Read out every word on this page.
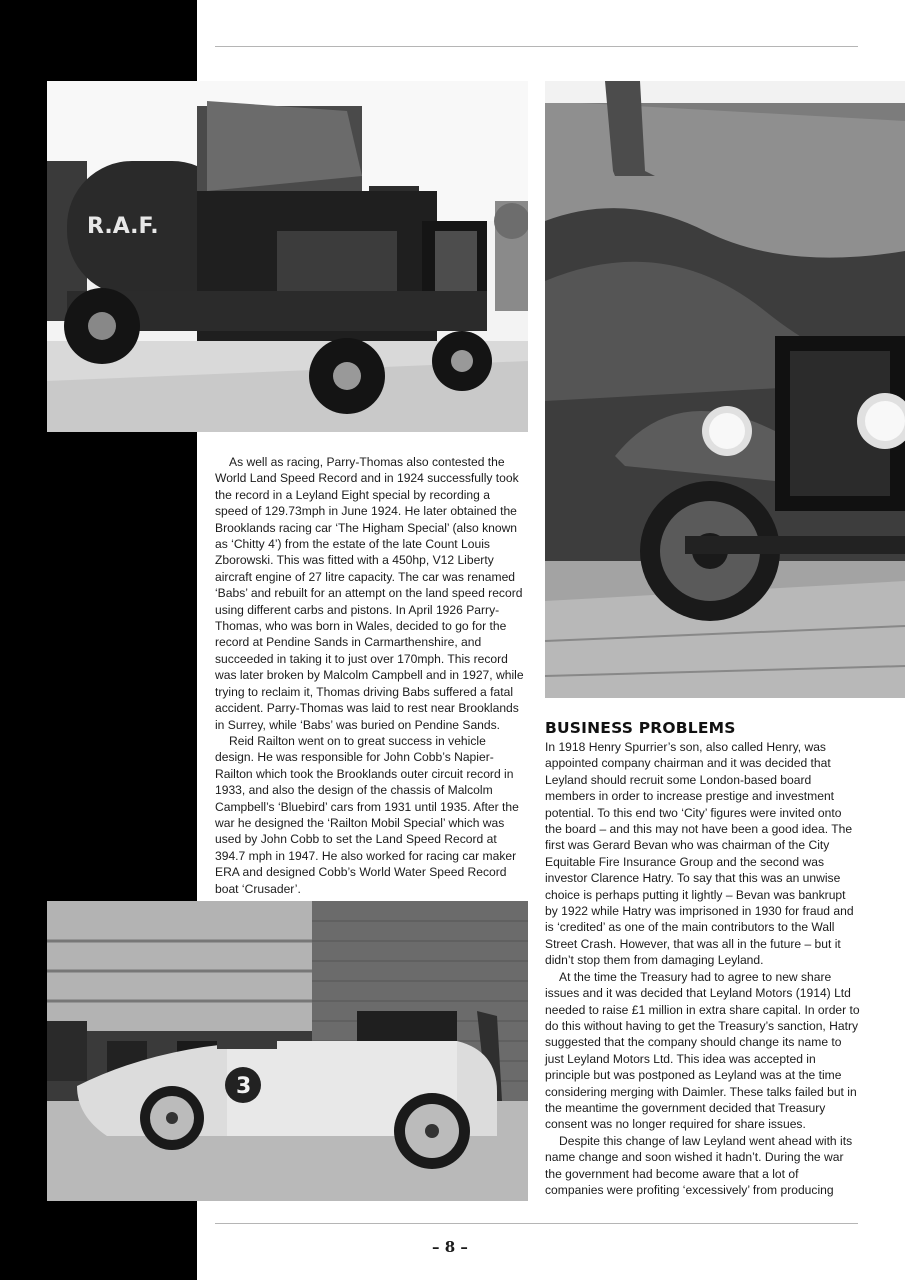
R.A.F.

As well as racing, Parry-Thomas also contested the World Land Speed Record and in 1924 successfully took the record in a Leyland Eight special by recording a speed of 129.73mph in June 1924. He later obtained the Brooklands racing car ‘The Higham Special’ (also known as ‘Chitty 4’) from the estate of the late Count Louis Zborowski. This was fitted with a 450hp, V12 Liberty aircraft engine of 27 litre capacity. The car was renamed ‘Babs’ and rebuilt for an attempt on the land speed record using different carbs and pistons. In April 1926 Parry-Thomas, who was born in Wales, decided to go for the record at Pendine Sands in Carmarthenshire, and succeeded in taking it to just over 170mph. This record was later broken by Malcolm Campbell and in 1927, while trying to reclaim it, Thomas driving Babs suffered a fatal accident. Parry-Thomas was laid to rest near Brooklands in Surrey, while ‘Babs’ was buried on Pendine Sands.

Reid Railton went on to great success in vehicle design. He was responsible for John Cobb’s Napier-Railton which took the Brooklands outer circuit record in 1933, and also the design of the chassis of Malcolm Campbell’s ‘Bluebird’ cars from 1931 until 1935. After the war he designed the ‘Railton Mobil Special’ which was used by John Cobb to set the Land Speed Record at 394.7 mph in 1947. He also worked for racing car maker ERA and designed Cobb’s World Water Speed Record boat ‘Crusader’.

3
BUSINESS PROBLEMS

In 1918 Henry Spurrier’s son, also called Henry, was appointed company chairman and it was decided that Leyland should recruit some London-based board members in order to increase prestige and investment potential. To this end two ‘City’ figures were invited onto the board – and this may not have been a good idea. The first was Gerard Bevan who was chairman of the City Equitable Fire Insurance Group and the second was investor Clarence Hatry. To say that this was an unwise choice is perhaps putting it lightly – Bevan was bankrupt by 1922 while Hatry was imprisoned in 1930 for fraud and is ‘credited’ as one of the main contributors to the Wall Street Crash. However, that was all in the future – but it didn’t stop them from damaging Leyland.

At the time the Treasury had to agree to new share issues and it was decided that Leyland Motors (1914) Ltd needed to raise £1 million in extra share capital. In order to do this without having to get the Treasury’s sanction, Hatry suggested that the company should change its name to just Leyland Motors Ltd. This idea was accepted in principle but was postponed as Leyland was at the time considering merging with Daimler. These talks failed but in the meantime the government decided that Treasury consent was no longer required for share issues.

Despite this change of law Leyland went ahead with its name change and soon wished it hadn’t. During the war the government had become aware that a lot of companies were profiting ‘excessively’ from producing

– 8 –
